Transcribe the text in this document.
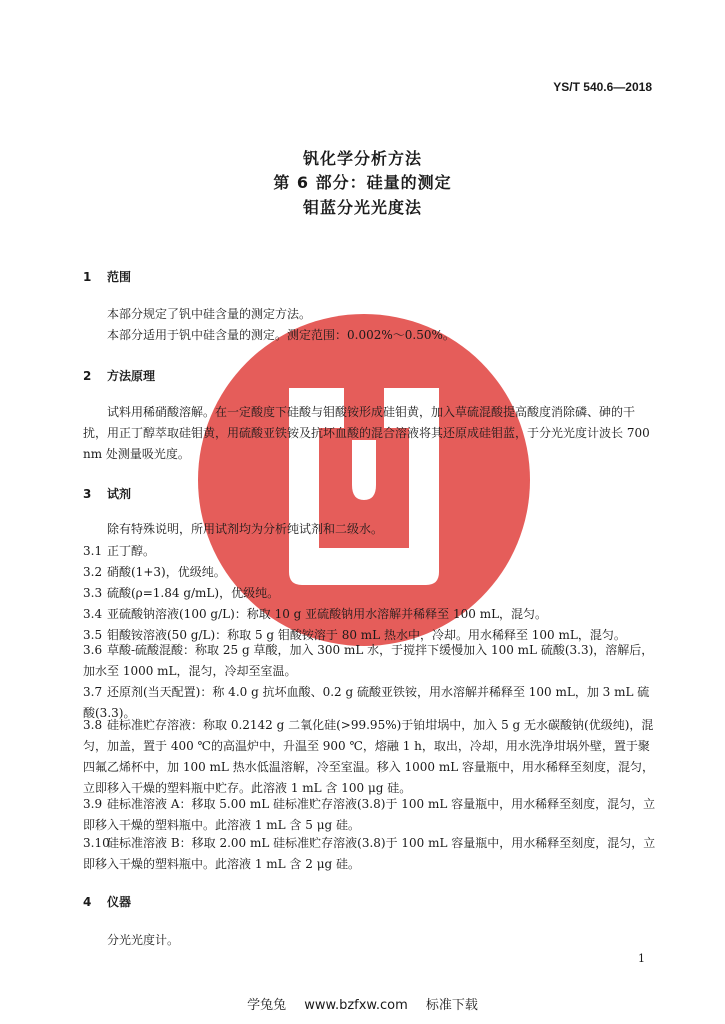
YS/T 540.6—2018
钒化学分析方法
第 6 部分：硅量的测定
钼蓝分光光度法
1 范围
本部分规定了钒中硅含量的测定方法。
本部分适用于钒中硅含量的测定。测定范围：0.002%～0.50%。
2 方法原理
试料用稀硝酸溶解。在一定酸度下硅酸与钼酸铵形成硅钼黄，加入草硫混酸提高酸度消除磷、砷的干扰，用正丁醇萃取硅钼黄，用硫酸亚铁铵及抗坏血酸的混合溶液将其还原成硅钼蓝，于分光光度计波长 700 nm 处测量吸光度。
3 试剂
除有特殊说明，所用试剂均为分析纯试剂和二级水。
3.1 正丁醇。
3.2 硝酸(1+3)，优级纯。
3.3 硫酸(ρ=1.84 g/mL)，优级纯。
3.4 亚硫酸钠溶液(100 g/L)：称取 10 g 亚硫酸钠用水溶解并稀释至 100 mL，混匀。
3.5 钼酸铵溶液(50 g/L)：称取 5 g 钼酸铵溶于 80 mL 热水中，冷却。用水稀释至 100 mL，混匀。
3.6 草酸-硫酸混酸：称取 25 g 草酸，加入 300 mL 水，于搅拌下缓慢加入 100 mL 硫酸(3.3)，溶解后，加水至 1000 mL，混匀，冷却至室温。
3.7 还原剂(当天配置)：称 4.0 g 抗坏血酸、0.2 g 硫酸亚铁铵，用水溶解并稀释至 100 mL，加 3 mL 硫酸(3.3)。
3.8 硅标准贮存溶液：称取 0.2142 g 二氧化硅(>99.95%)于铂坩埚中，加入 5 g 无水碳酸钠(优级纯)，混匀，加盖，置于 400 ℃的高温炉中，升温至 900 ℃，熔融 1 h，取出，冷却，用水洗净坩埚外壁，置于聚四氟乙烯杯中，加 100 mL 热水低温溶解，冷至室温。移入 1000 mL 容量瓶中，用水稀释至刻度，混匀，立即移入干燥的塑料瓶中贮存。此溶液 1 mL 含 100 μg 硅。
3.9 硅标准溶液 A：移取 5.00 mL 硅标准贮存溶液(3.8)于 100 mL 容量瓶中，用水稀释至刻度，混匀，立即移入干燥的塑料瓶中。此溶液 1 mL 含 5 μg 硅。
3.10硅标准溶液 B：移取 2.00 mL 硅标准贮存溶液(3.8)于 100 mL 容量瓶中，用水稀释至刻度，混匀，立即移入干燥的塑料瓶中。此溶液 1 mL 含 2 μg 硅。
4 仪器
分光光度计。
1
学兔兔 www.bzfxw.com 标准下载
